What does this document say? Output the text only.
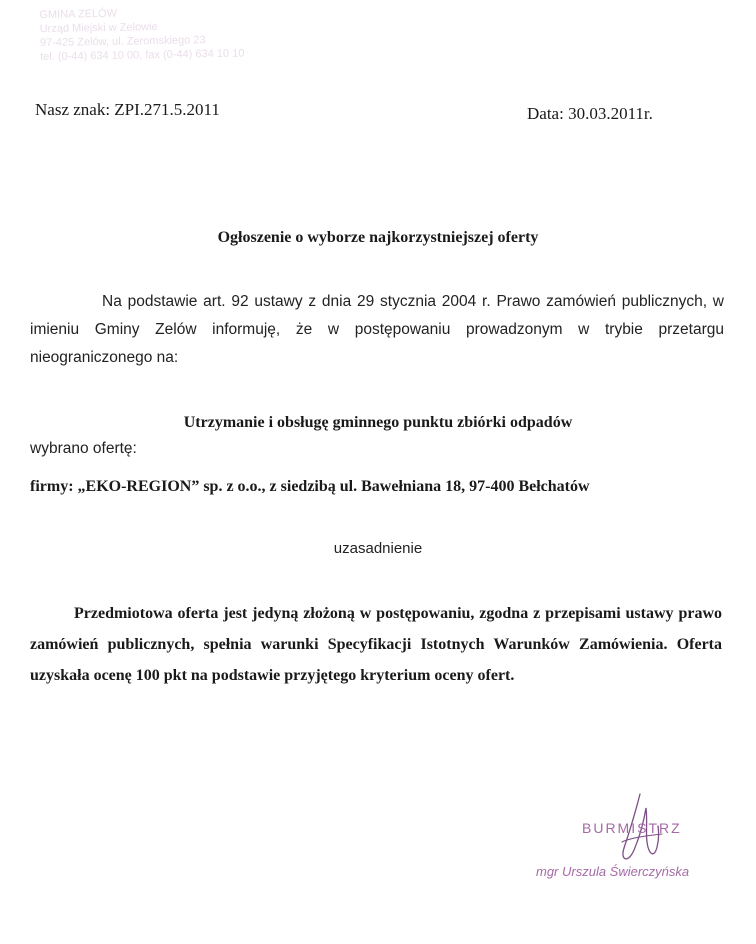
GMINA ZELÓW
Urząd Miejski w Zelowie
97-425 Zelów, ul. Żeromskiego 23
tel. (0-44) 634 10 00, fax (0-44) 634 10 10
Nasz znak: ZPI.271.5.2011	Data: 30.03.2011r.
Ogłoszenie o wyborze najkorzystniejszej oferty
Na podstawie art. 92 ustawy z dnia 29 stycznia 2004 r. Prawo zamówień publicznych, w imieniu Gminy Zelów informuję, że w postępowaniu prowadzonym w trybie przetargu nieograniczonego na:
Utrzymanie i obsługę gminnego punktu zbiórki odpadów
wybrano ofertę:
firmy: „EKO-REGION” sp. z o.o., z siedzibą ul. Bawełniana 18, 97-400 Bełchatów
uzasadnienie
Przedmiotowa oferta jest jedyną złożoną w postępowaniu, zgodna z przepisami ustawy prawo zamówień publicznych, spełnia warunki Specyfikacji Istotnych Warunków Zamówienia. Oferta uzyskała ocenę 100 pkt na podstawie przyjętego kryterium oceny ofert.
BURMISTRZ
mgr Urszula Świerczyńska
